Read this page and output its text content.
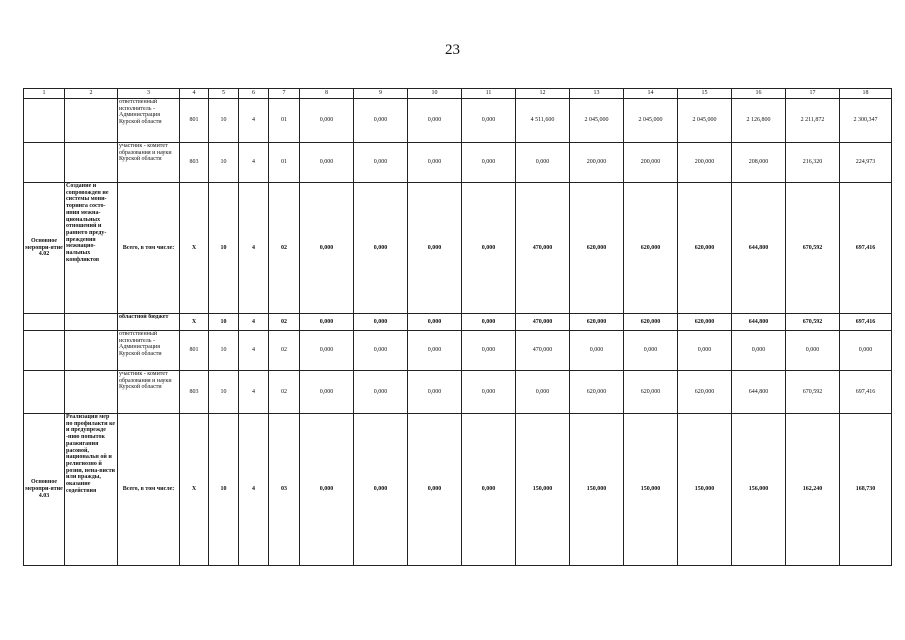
23
1	2	3	4	5	6	7	8	9	10	11	12	13	14	15	16	17	18
		ответственный исполнитель - Администрация Курской области	801	10	4	01	0,000	0,000	0,000	0,000	4 511,600	2 045,000	2 045,000	2 045,000	2 126,800	2 211,872	2 300,347
		участник - комитет образования и науки Курской области	803	10	4	01	0,000	0,000	0,000	0,000	0,000	200,000	200,000	200,000	208,000	216,320	224,973
Основное меропри-ятие 4.02	Создание и сопровожден ие системы мони-торинга состо-яния межна-циональных отношений и раннего преду-преждения межнацио-нальных конфликтов	Всего, в том числе:	X	10	4	02	0,000	0,000	0,000	0,000	470,000	620,000	620,000	620,000	644,800	670,592	697,416
		областной бюджет	X	10	4	02	0,000	0,000	0,000	0,000	470,000	620,000	620,000	620,000	644,800	670,592	697,416
		ответственный исполнитель - Администрация Курской области	801	10	4	02	0,000	0,000	0,000	0,000	470,000	0,000	0,000	0,000	0,000	0,000	0,000
		участник - комитет образования и науки Курской области	803	10	4	02	0,000	0,000	0,000	0,000	0,000	620,000	620,000	620,000	644,800	670,592	697,416
Основное меропри-ятие 4.03	Реализация мер по профилакти ке и предупрежде -нию попыток разжигания расовой, национальн ой и религиозно й розни, нена-висти или вражды, оказание содействия	Всего, в том числе:	X	10	4	03	0,000	0,000	0,000	0,000	150,000	150,000	150,000	150,000	156,000	162,240	168,730
